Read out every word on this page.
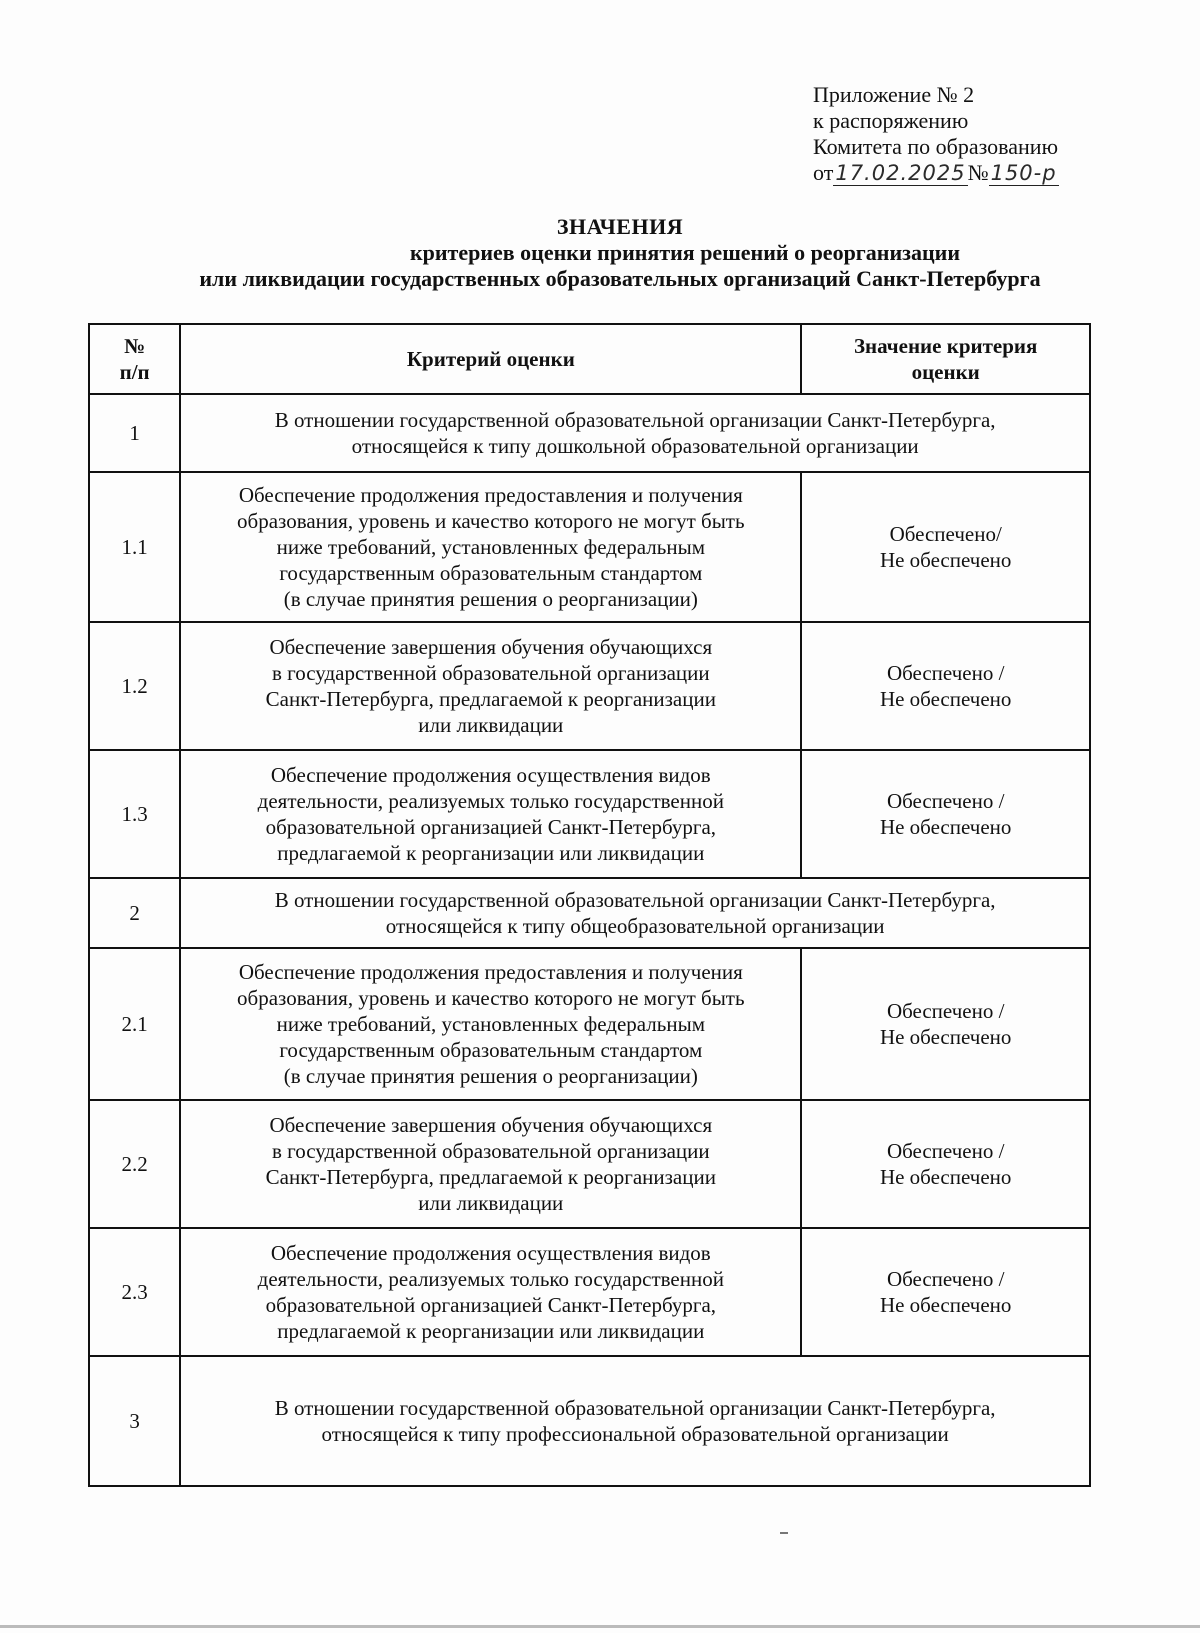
Приложение № 2
к распоряжению
Комитета по образованию
от17.02.2025№150-р
ЗНАЧЕНИЯ
критериев оценки принятия решений о реорганизации
или ликвидации государственных образовательных организаций Санкт-Петербурга
№
п/п	Критерий оценки	Значение критерия
оценки

1	В отношении государственной образовательной организации Санкт-Петербурга,
относящейся к типу дошкольной образовательной организации	

1.1	Обеспечение продолжения предоставления и получения
образования, уровень и качество которого не могут быть
ниже требований, установленных федеральным
государственным образовательным стандартом
(в случае принятия решения о реорганизации)	Обеспечено/
Не обеспечено

1.2	Обеспечение завершения обучения обучающихся
в государственной образовательной организации
Санкт-Петербурга, предлагаемой к реорганизации
или ликвидации	Обеспечено /
Не обеспечено

1.3	Обеспечение продолжения осуществления видов
деятельности, реализуемых только государственной
образовательной организацией Санкт-Петербурга,
предлагаемой к реорганизации или ликвидации	Обеспечено /
Не обеспечено

2	В отношении государственной образовательной организации Санкт-Петербурга,
относящейся к типу общеобразовательной организации	

2.1	Обеспечение продолжения предоставления и получения
образования, уровень и качество которого не могут быть
ниже требований, установленных федеральным
государственным образовательным стандартом
(в случае принятия решения о реорганизации)	Обеспечено /
Не обеспечено

2.2	Обеспечение завершения обучения обучающихся
в государственной образовательной организации
Санкт-Петербурга, предлагаемой к реорганизации
или ликвидации	Обеспечено /
Не обеспечено

2.3	Обеспечение продолжения осуществления видов
деятельности, реализуемых только государственной
образовательной организацией Санкт-Петербурга,
предлагаемой к реорганизации или ликвидации	Обеспечено /
Не обеспечено

3	В отношении государственной образовательной организации Санкт-Петербурга,
относящейся к типу профессиональной образовательной организации	
